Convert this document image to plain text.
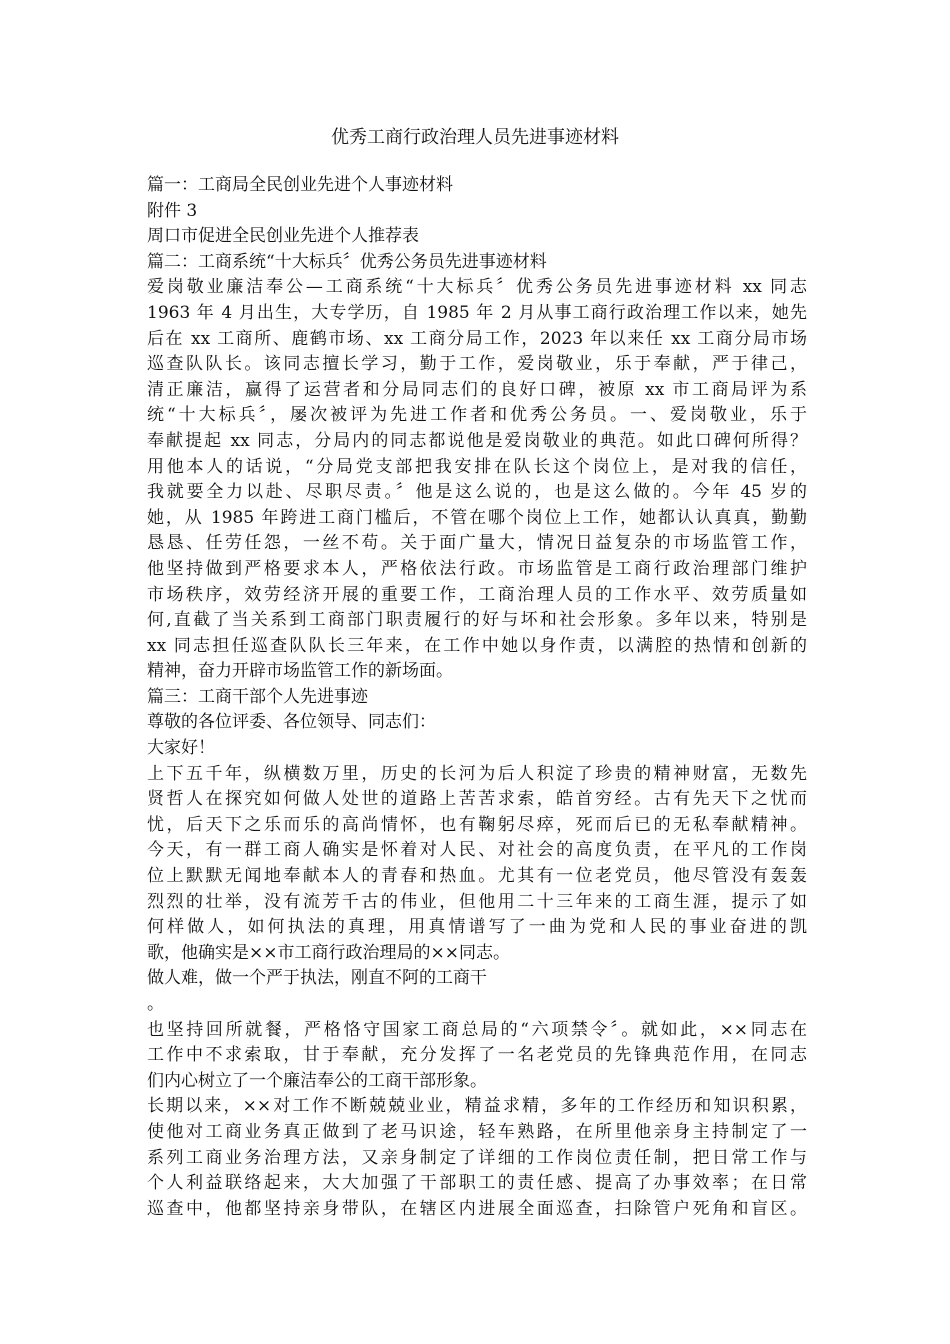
优秀工商行政治理人员先进事迹材料
篇一：工商局全民创业先进个人事迹材料
附件 3
周口市促进全民创业先进个人推荐表
篇二：工商系统“十大标兵〞优秀公务员先进事迹材料
爱岗敬业廉洁奉公—工商系统“十大标兵〞优秀公务员先进事迹材料 xx 同志
1963 年 4 月出生，大专学历，自 1985 年 2 月从事工商行政治理工作以来，她先
后在 xx 工商所、鹿鹤市场、xx 工商分局工作，2023 年以来任 xx 工商分局市场
巡查队队长。该同志擅长学习，勤于工作，爱岗敬业，乐于奉献，严于律己，
清正廉洁，赢得了运营者和分局同志们的良好口碑，被原 xx 市工商局评为系
统“十大标兵〞，屡次被评为先进工作者和优秀公务员。一、爱岗敬业，乐于
奉献提起 xx 同志，分局内的同志都说他是爱岗敬业的典范。如此口碑何所得？
用他本人的话说，“分局党支部把我安排在队长这个岗位上，是对我的信任，
我就要全力以赴、尽职尽责。〞他是这么说的，也是这么做的。今年 45 岁的
她，从 1985 年跨进工商门槛后，不管在哪个岗位上工作，她都认认真真，勤勤
恳恳、任劳任怨，一丝不苟。关于面广量大，情况日益复杂的市场监管工作，
他坚持做到严格要求本人，严格依法行政。市场监管是工商行政治理部门维护
市场秩序，效劳经济开展的重要工作，工商治理人员的工作水平、效劳质量如
何,直截了当关系到工商部门职责履行的好与坏和社会形象。多年以来，特别是
xx 同志担任巡查队队长三年来，在工作中她以身作责，以满腔的热情和创新的
精神，奋力开辟市场监管工作的新场面。
篇三：工商干部个人先进事迹
尊敬的各位评委、各位领导、同志们：
大家好！
上下五千年，纵横数万里，历史的长河为后人积淀了珍贵的精神财富，无数先
贤哲人在探究如何做人处世的道路上苦苦求索，皓首穷经。古有先天下之忧而
忧，后天下之乐而乐的高尚情怀，也有鞠躬尽瘁，死而后已的无私奉献精神。
今天，有一群工商人确实是怀着对人民、对社会的高度负责，在平凡的工作岗
位上默默无闻地奉献本人的青春和热血。尤其有一位老党员，他尽管没有轰轰
烈烈的壮举，没有流芳千古的伟业，但他用二十三年来的工商生涯，提示了如
何样做人，如何执法的真理，用真情谱写了一曲为党和人民的事业奋进的凯
歌，他确实是××市工商行政治理局的××同志。
做人难，做一个严于执法，刚直不阿的工商干
。
也坚持回所就餐，严格恪守国家工商总局的“六项禁令〞。就如此，××同志在
工作中不求索取，甘于奉献，充分发挥了一名老党员的先锋典范作用，在同志
们内心树立了一个廉洁奉公的工商干部形象。
长期以来，××对工作不断兢兢业业，精益求精，多年的工作经历和知识积累，
使他对工商业务真正做到了老马识途，轻车熟路，在所里他亲身主持制定了一
系列工商业务治理方法，又亲身制定了详细的工作岗位责任制，把日常工作与
个人利益联络起来，大大加强了干部职工的责任感、提高了办事效率；在日常
巡查中，他都坚持亲身带队，在辖区内进展全面巡查，扫除管户死角和盲区。
